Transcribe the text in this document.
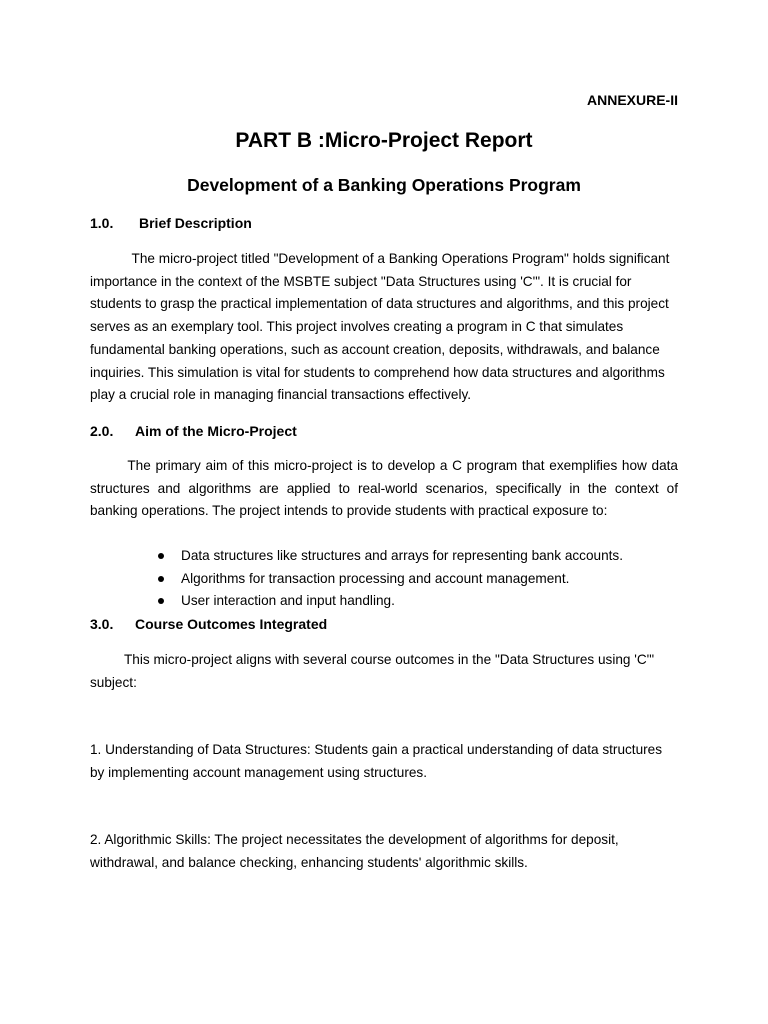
ANNEXURE-II
PART B :Micro-Project Report
Development of a Banking Operations Program
1.0. Brief Description

The micro-project titled "Development of a Banking Operations Program" holds significant importance in the context of the MSBTE subject "Data Structures using 'C'". It is crucial for students to grasp the practical implementation of data structures and algorithms, and this project serves as an exemplary tool. This project involves creating a program in C that simulates fundamental banking operations, such as account creation, deposits, withdrawals, and balance inquiries. This simulation is vital for students to comprehend how data structures and algorithms play a crucial role in managing financial transactions effectively.

2.0. Aim of the Micro-Project

The primary aim of this micro-project is to develop a C program that exemplifies how data structures and algorithms are applied to real-world scenarios, specifically in the context of banking operations. The project intends to provide students with practical exposure to:

Data structures like structures and arrays for representing bank accounts.
Algorithms for transaction processing and account management.
User interaction and input handling.
3.0. Course Outcomes Integrated

This micro-project aligns with several course outcomes in the "Data Structures using 'C'" subject:

1. Understanding of Data Structures: Students gain a practical understanding of data structures by implementing account management using structures.

2. Algorithmic Skills: The project necessitates the development of algorithms for deposit, withdrawal, and balance checking, enhancing students' algorithmic skills.
